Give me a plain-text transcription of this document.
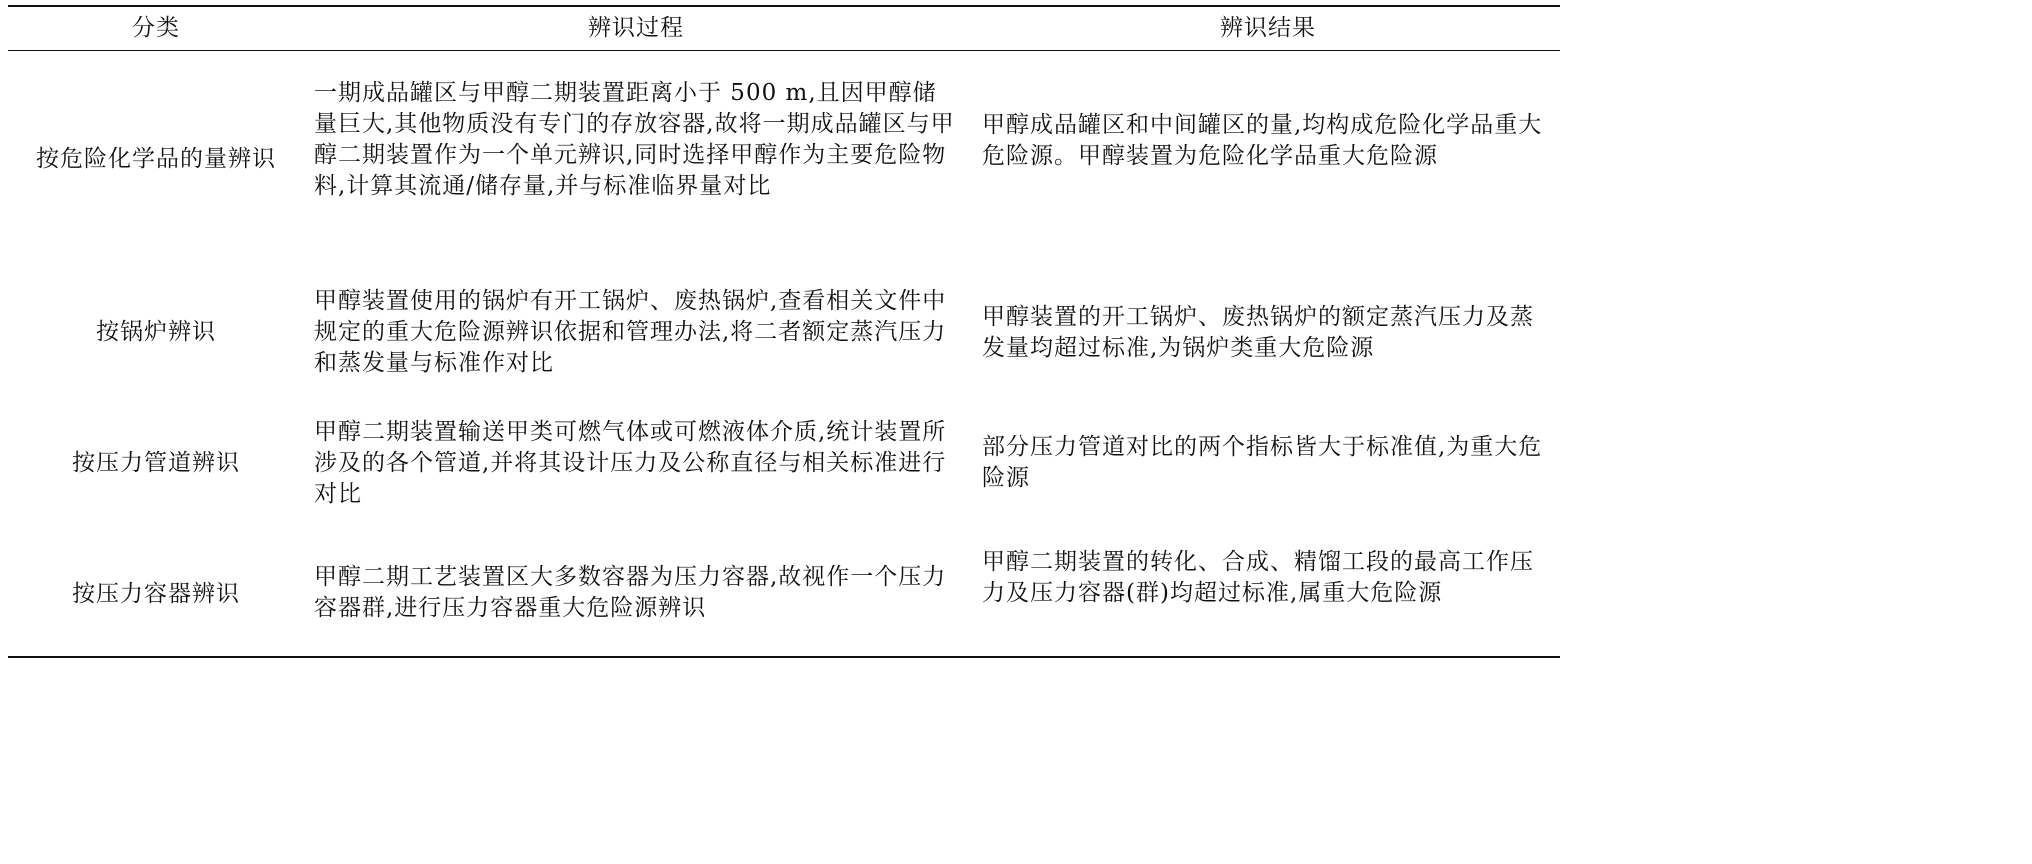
分类	辨识过程	辨识结果
按危险化学品的量辨识
一期成品罐区与甲醇二期装置距离小于 500 m,且因甲醇储量巨大,其他物质没有专门的存放容器,故将一期成品罐区与甲醇二期装置作为一个单元辨识,同时选择甲醇作为主要危险物料,计算其流通/储存量,并与标准临界量对比
甲醇成品罐区和中间罐区的量,均构成危险化学品重大危险源。甲醇装置为危险化学品重大危险源
按锅炉辨识
甲醇装置使用的锅炉有开工锅炉、废热锅炉,查看相关文件中规定的重大危险源辨识依据和管理办法,将二者额定蒸汽压力和蒸发量与标准作对比
甲醇装置的开工锅炉、废热锅炉的额定蒸汽压力及蒸发量均超过标准,为锅炉类重大危险源
按压力管道辨识
甲醇二期装置输送甲类可燃气体或可燃液体介质,统计装置所涉及的各个管道,并将其设计压力及公称直径与相关标准进行对比
部分压力管道对比的两个指标皆大于标准值,为重大危险源
按压力容器辨识
甲醇二期工艺装置区大多数容器为压力容器,故视作一个压力容器群,进行压力容器重大危险源辨识
甲醇二期装置的转化、合成、精馏工段的最高工作压力及压力容器(群)均超过标准,属重大危险源
